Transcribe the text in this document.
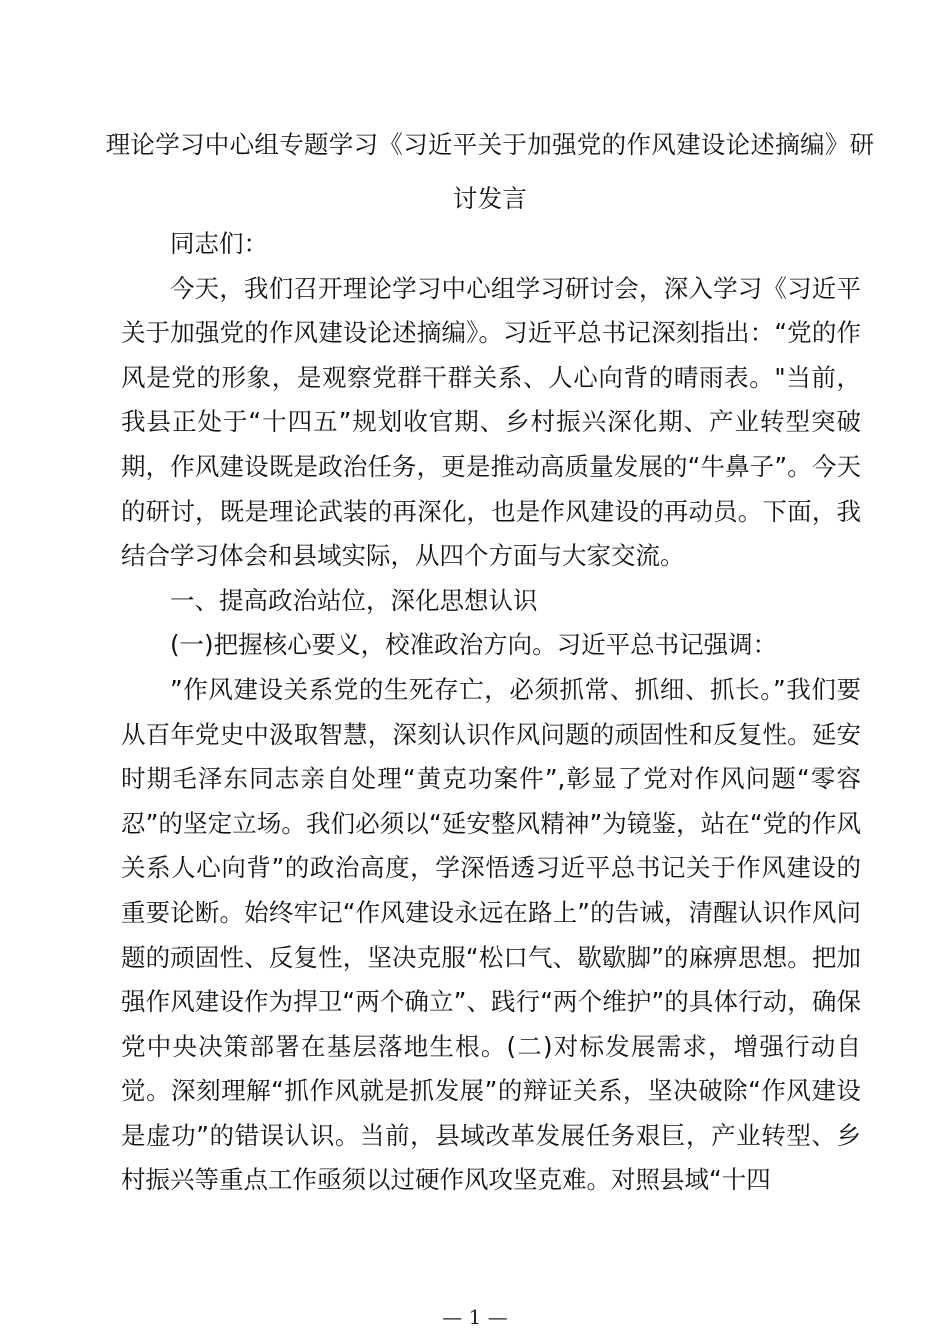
理论学习中心组专题学习《习近平关于加强党的作风建设论述摘编》研讨发言

同志们：

今天，我们召开理论学习中心组学习研讨会，深入学习《习近平关于加强党的作风建设论述摘编》。习近平总书记深刻指出：“党的作风是党的形象，是观察党群干群关系、人心向背的晴雨表。"当前，我县正处于“十四五”规划收官期、乡村振兴深化期、产业转型突破期，作风建设既是政治任务，更是推动高质量发展的“牛鼻子”。今天的研讨，既是理论武装的再深化，也是作风建设的再动员。下面，我结合学习体会和县域实际，从四个方面与大家交流。

一、提高政治站位，深化思想认识

(一)把握核心要义，校准政治方向。习近平总书记强调：

”作风建设关系党的生死存亡，必须抓常、抓细、抓长。”我们要从百年党史中汲取智慧，深刻认识作风问题的顽固性和反复性。延安时期毛泽东同志亲自处理“黄克功案件”,彰显了党对作风问题“零容忍”的坚定立场。我们必须以“延安整风精神”为镜鉴，站在“党的作风关系人心向背”的政治高度，学深悟透习近平总书记关于作风建设的重要论断。始终牢记“作风建设永远在路上”的告诫，清醒认识作风问题的顽固性、反复性，坚决克服“松口气、歇歇脚”的麻痹思想。把加强作风建设作为捍卫“两个确立”、践行“两个维护”的具体行动，确保党中央决策部署在基层落地生根。(二)对标发展需求，增强行动自觉。深刻理解“抓作风就是抓发展”的辩证关系，坚决破除“作风建设是虚功”的错误认识。当前，县域改革发展任务艰巨，产业转型、乡村振兴等重点工作亟须以过硬作风攻坚克难。对照县域“十四

— 1 —
